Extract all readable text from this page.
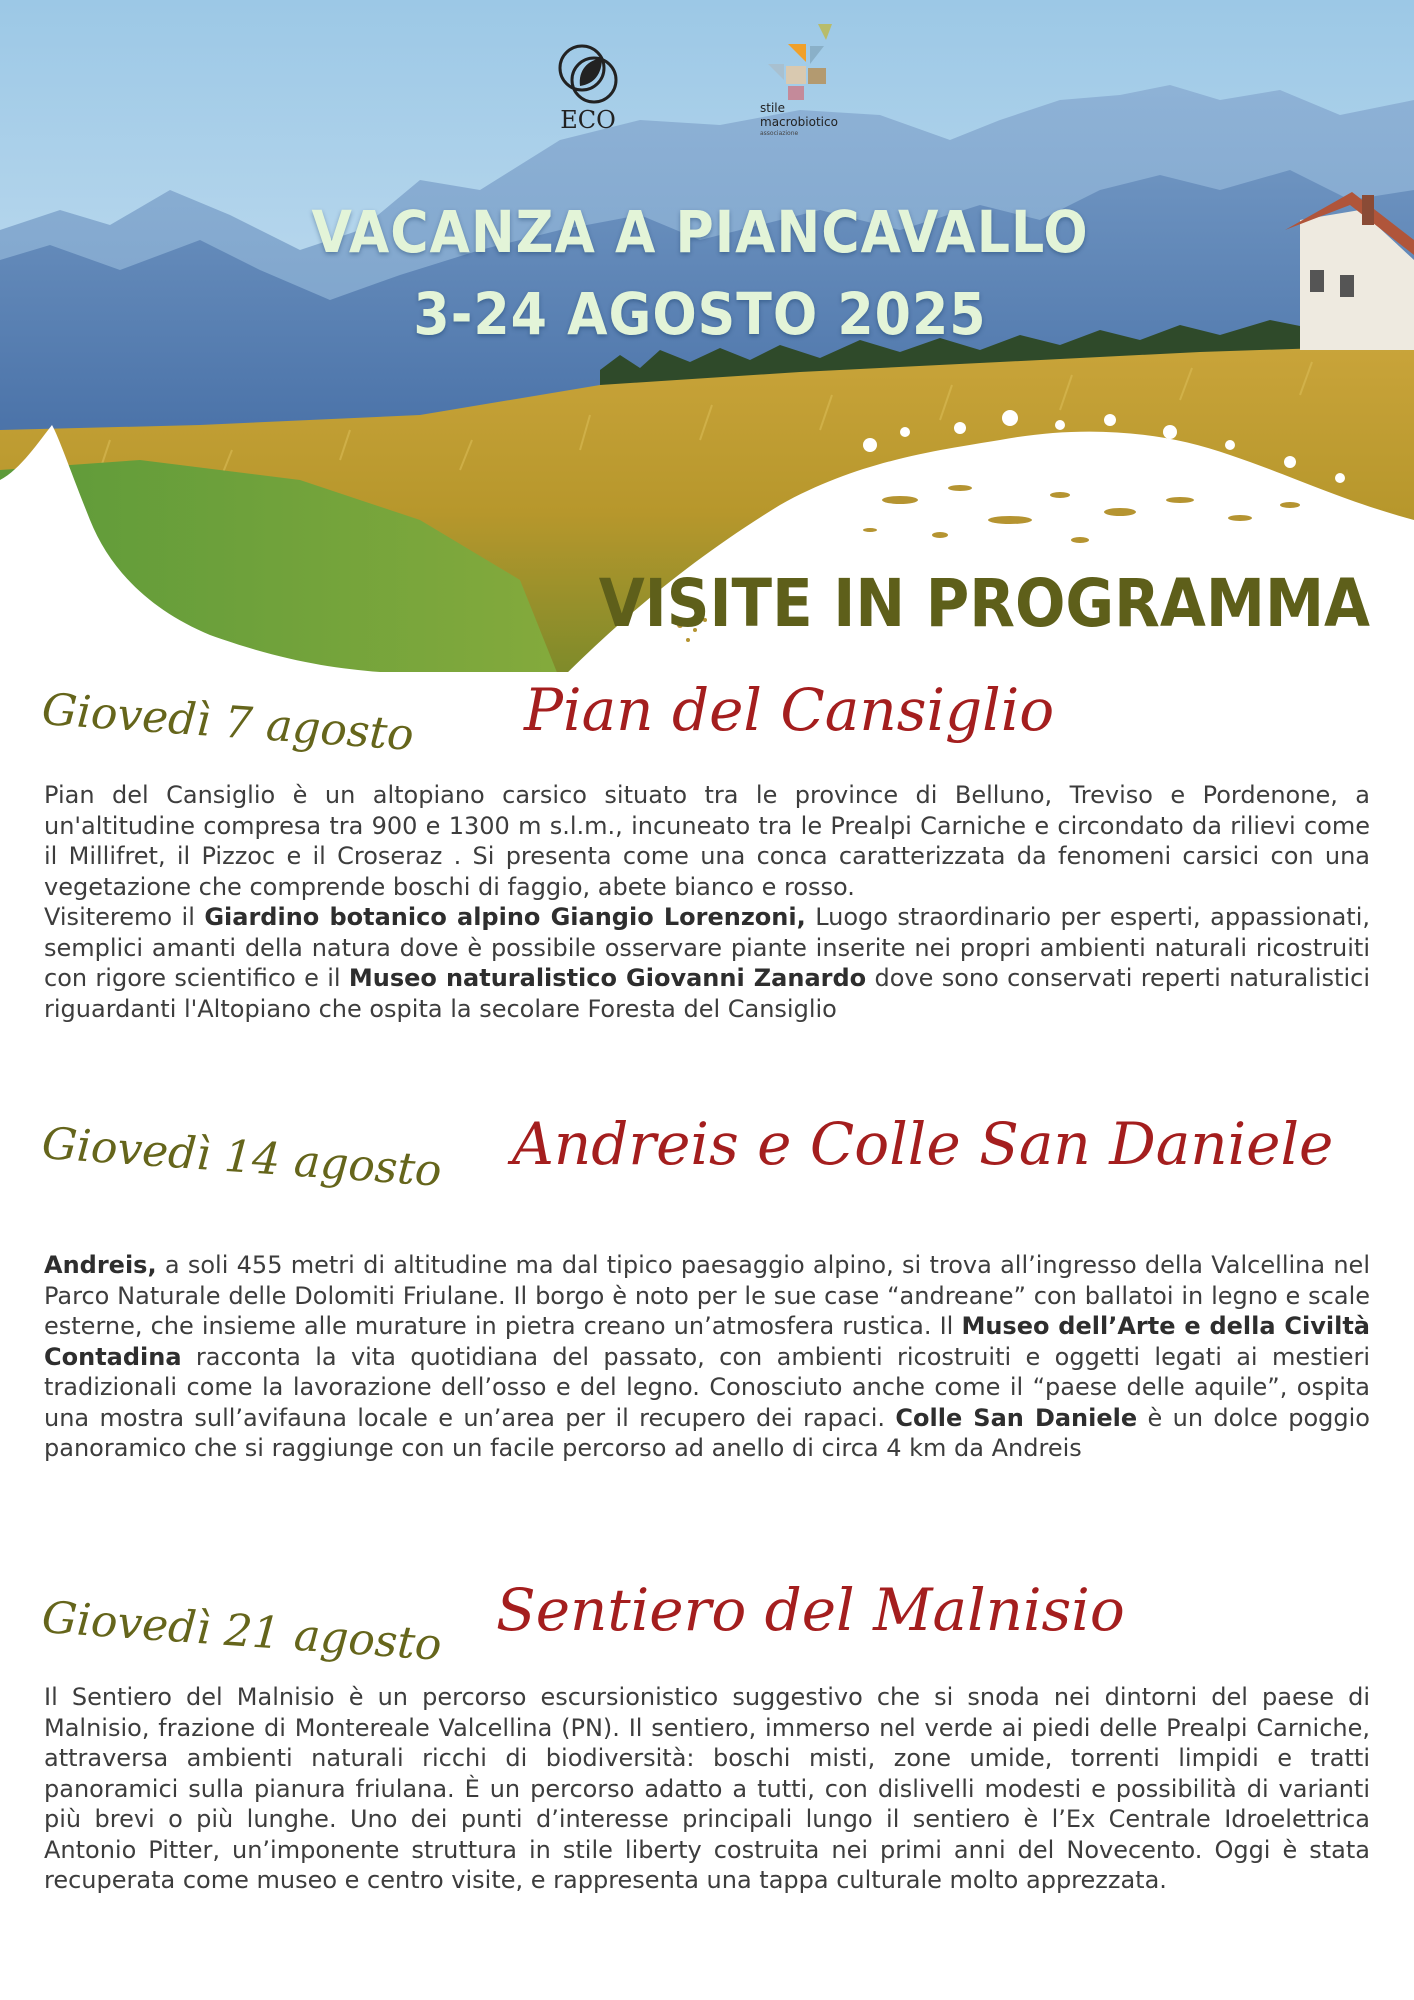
ECO	stile
macrobiotico
associazione
VACANZA A PIANCAVALLO
3-24 AGOSTO 2025
VISITE IN PROGRAMMA
Giovedì 7 agosto Pian del Cansiglio
Pian del Cansiglio è un altopiano carsico situato tra le province di Belluno, Treviso e Pordenone, a un'altitudine compresa tra 900 e 1300 m s.l.m., incuneato tra le Prealpi Carniche e circondato da rilievi come il Millifret, il Pizzoc e il Croseraz . Si presenta come una conca caratterizzata da fenomeni carsici con una vegetazione che comprende boschi di faggio, abete bianco e rosso.
Visiteremo il Giardino botanico alpino Giangio Lorenzoni, Luogo straordinario per esperti, appassionati, semplici amanti della natura dove è possibile osservare piante inserite nei propri ambienti naturali ricostruiti con rigore scientifico e il Museo naturalistico Giovanni Zanardo dove sono conservati reperti naturalistici riguardanti l'Altopiano che ospita la secolare Foresta del Cansiglio
Giovedì 14 agosto Andreis e Colle San Daniele
Andreis, a soli 455 metri di altitudine ma dal tipico paesaggio alpino, si trova all’ingresso della Valcellina nel Parco Naturale delle Dolomiti Friulane. Il borgo è noto per le sue case “andreane” con ballatoi in legno e scale esterne, che insieme alle murature in pietra creano un’atmosfera rustica. Il Museo dell’Arte e della Civiltà Contadina racconta la vita quotidiana del passato, con ambienti ricostruiti e oggetti legati ai mestieri tradizionali come la lavorazione dell’osso e del legno. Conosciuto anche come il “paese delle aquile”, ospita una mostra sull’avifauna locale e un’area per il recupero dei rapaci. Colle San Daniele è un dolce poggio panoramico che si raggiunge con un facile percorso ad anello di circa 4 km da Andreis
Giovedì 21 agosto Sentiero del Malnisio
Il Sentiero del Malnisio è un percorso escursionistico suggestivo che si snoda nei dintorni del paese di Malnisio, frazione di Montereale Valcellina (PN). Il sentiero, immerso nel verde ai piedi delle Prealpi Carniche, attraversa ambienti naturali ricchi di biodiversità: boschi misti, zone umide, torrenti limpidi e tratti panoramici sulla pianura friulana. È un percorso adatto a tutti, con dislivelli modesti e possibilità di varianti più brevi o più lunghe. Uno dei punti d’interesse principali lungo il sentiero è l’Ex Centrale Idroelettrica Antonio Pitter, un’imponente struttura in stile liberty costruita nei primi anni del Novecento. Oggi è stata recuperata come museo e centro visite, e rappresenta una tappa culturale molto apprezzata.
